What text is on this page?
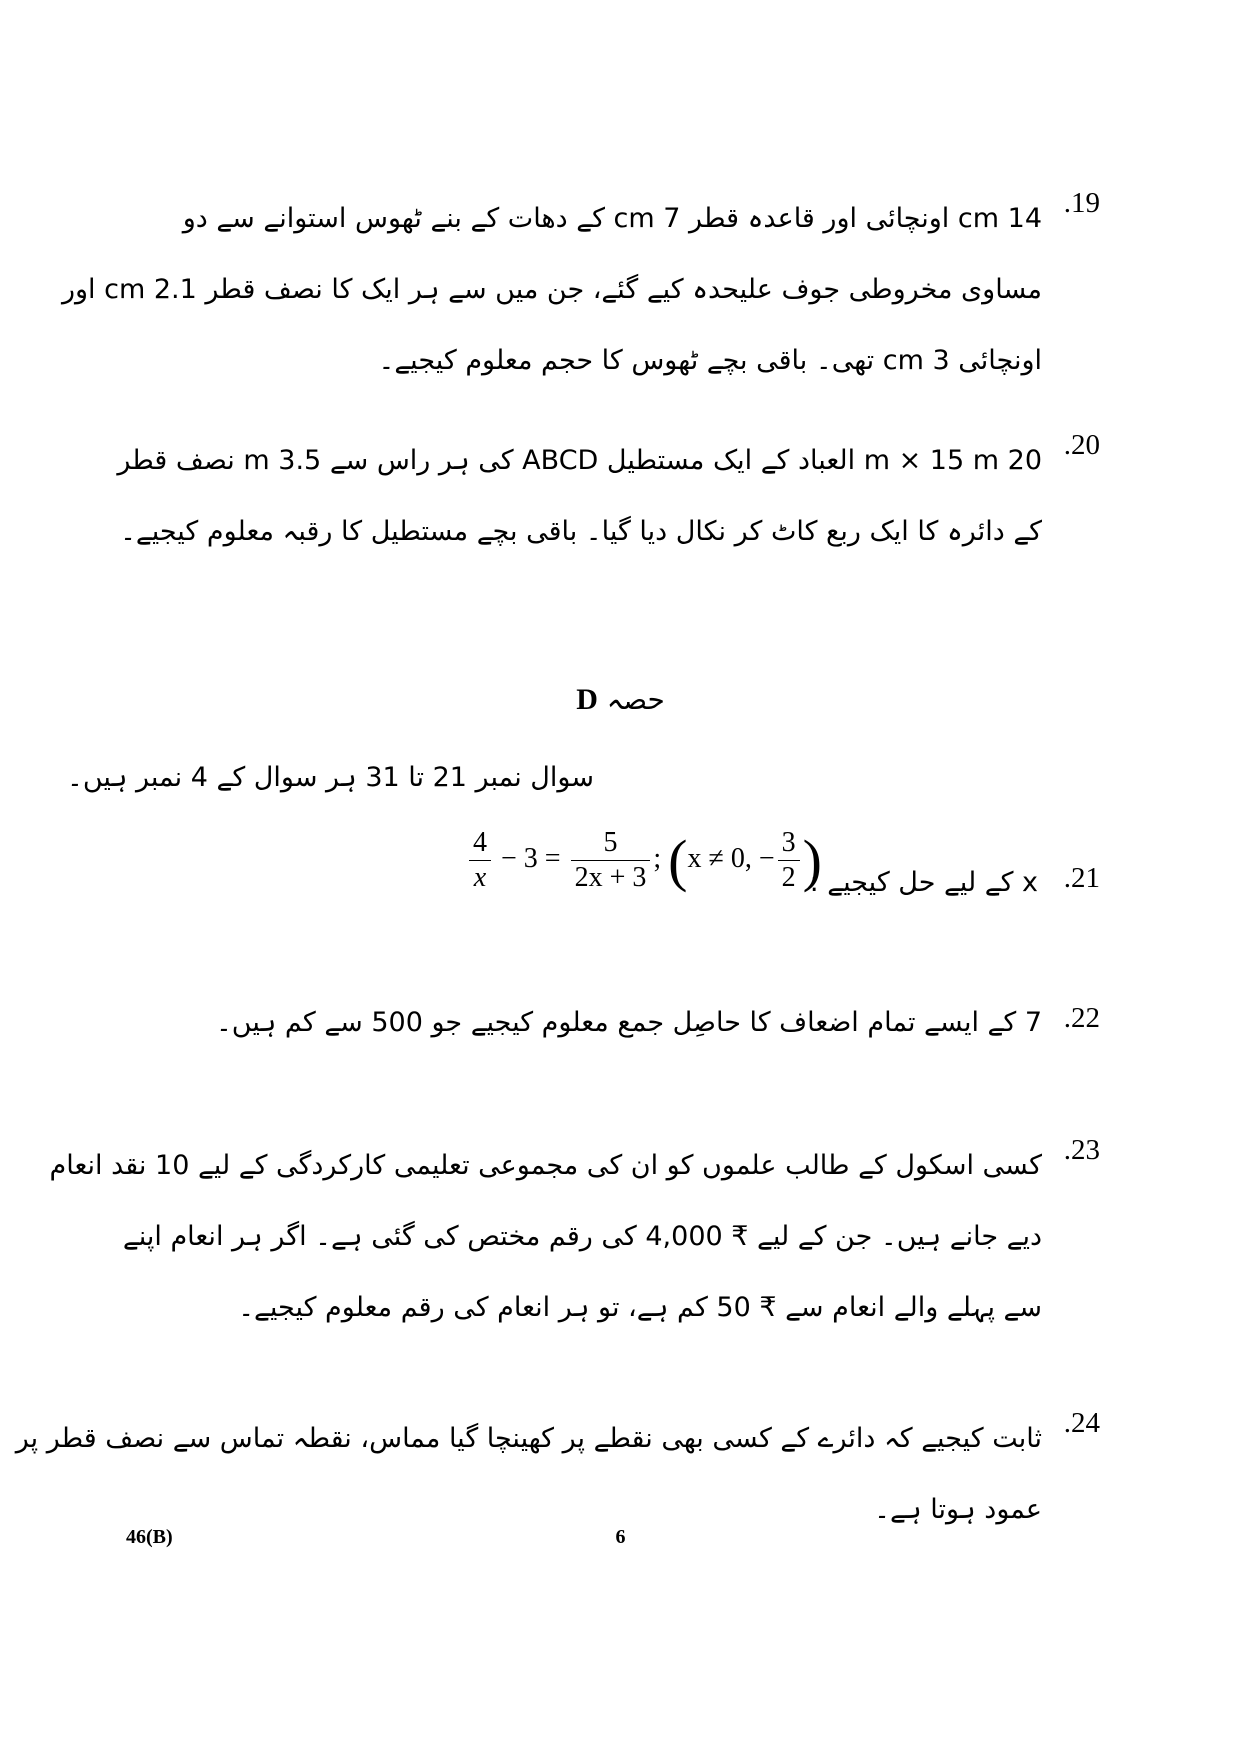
.19
14 cm اونچائی اور قاعدہ قطر 7 cm کے دھات کے بنے ٹھوس استوانے سے دو
مساوی مخروطی جوف علیحدہ کیے گئے، جن میں سے ہر ایک کا نصف قطر 2.1 cm اور
اونچائی 3 cm تھی۔ باقی بچے ٹھوس کا حجم معلوم کیجیے۔
.20
20 m × 15 m العباد کے ایک مستطیل ABCD کی ہر راس سے 3.5 m نصف قطر
کے دائرہ کا ایک ربع کاٹ کر نکال دیا گیا۔ باقی بچے مستطیل کا رقبہ معلوم کیجیے۔
حصہ D
سوال نمبر 21 تا 31 ہر سوال کے 4 نمبر ہیں۔
.21
x کے لیے حل کیجیے :
$\frac{4}{x} - 3 = \frac{5}{2x + 3}$ ; (x ≠ 0, − $\frac{3}{2}$ )
.22
7 کے ایسے تمام اضعاف کا حاصِل جمع معلوم کیجیے جو 500 سے کم ہیں۔
.23
کسی اسکول کے طالب علموں کو ان کی مجموعی تعلیمی کارکردگی کے لیے 10 نقد انعام
دیے جانے ہیں۔ جن کے لیے ₹ 4,000 کی رقم مختص کی گئی ہے۔ اگر ہر انعام اپنے
سے پہلے والے انعام سے ₹ 50 کم ہے، تو ہر انعام کی رقم معلوم کیجیے۔
.24
ثابت کیجیے کہ دائرے کے کسی بھی نقطے پر کھینچا گیا مماس، نقطہ تماس سے نصف قطر پر
عمود ہوتا ہے۔
46(B)	6
